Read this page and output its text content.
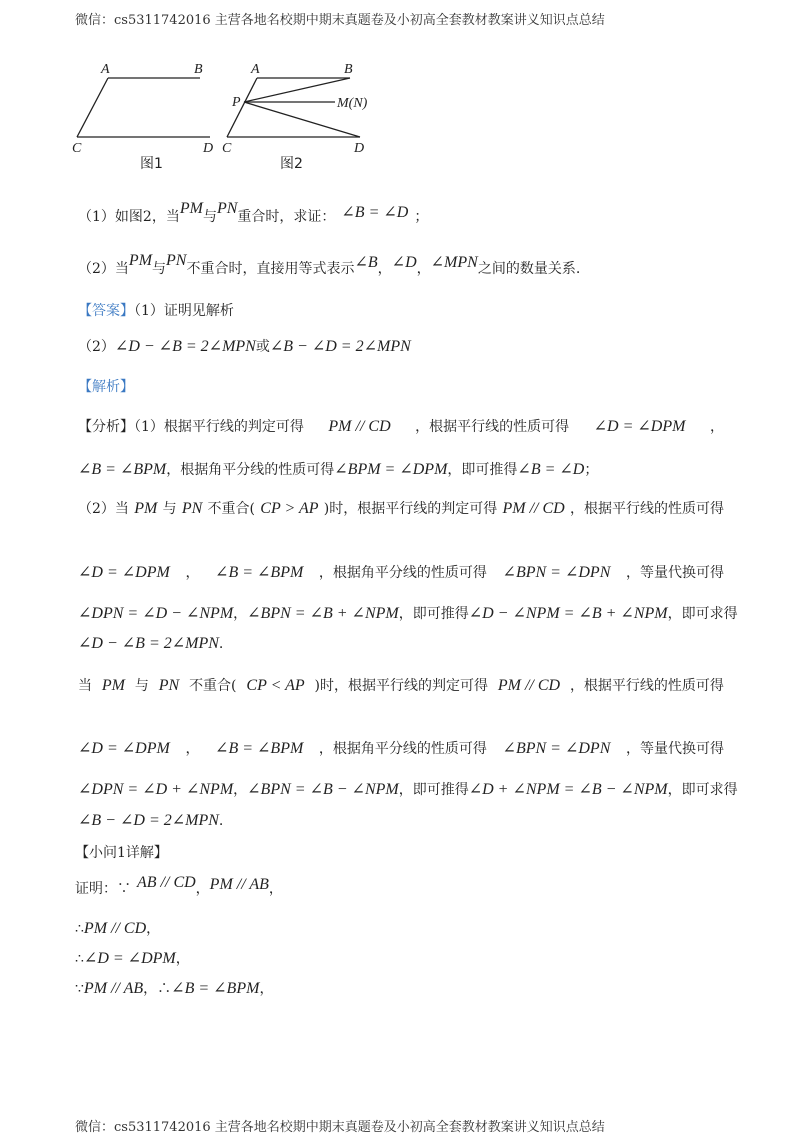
微信：cs5311742016 主营各地名校期中期末真题卷及小初高全套教材教案讲义知识点总结
A	B
C	D
图1
A	B
P	M(N)
C	D
图2
（1）如图2，当PM与PN重合时，求证： ∠B = ∠D ；
（2）当PM与PN不重合时，直接用等式表示∠B，∠D，∠MPN之间的数量关系.
【答案】（1）证明见解析
（2）∠D − ∠B = 2∠MPN或∠B − ∠D = 2∠MPN
【解析】
【分析】（1）根据平行线的判定可得 PM // CD ，根据平行线的性质可得 ∠D = ∠DPM ，
∠B = ∠BPM，根据角平分线的性质可得∠BPM = ∠DPM，即可推得∠B = ∠D；
（2）当 PM 与 PN 不重合( CP > AP )时，根据平行线的判定可得 PM // CD ，根据平行线的性质可得
∠D = ∠DPM ， ∠B = ∠BPM ，根据角平分线的性质可得 ∠BPN = ∠DPN ，等量代换可得
∠DPN = ∠D − ∠NPM ， ∠BPN = ∠B + ∠NPM ，即可推得 ∠D − ∠NPM = ∠B + ∠NPM ，即可求得
∠D − ∠B = 2∠MPN.
当 PM 与 PN 不重合( CP < AP )时，根据平行线的判定可得 PM // CD ，根据平行线的性质可得
∠D = ∠DPM ， ∠B = ∠BPM ，根据角平分线的性质可得 ∠BPN = ∠DPN ，等量代换可得
∠DPN = ∠D + ∠NPM ， ∠BPN = ∠B − ∠NPM ，即可推得 ∠D + ∠NPM = ∠B − ∠NPM ，即可求得
∠B − ∠D = 2∠MPN.
【小问1详解】
证明：∵ AB // CD，PM // AB，
∴PM // CD，
∴∠D = ∠DPM，
∵PM // AB，∴∠B = ∠BPM，
微信：cs5311742016 主营各地名校期中期末真题卷及小初高全套教材教案讲义知识点总结
